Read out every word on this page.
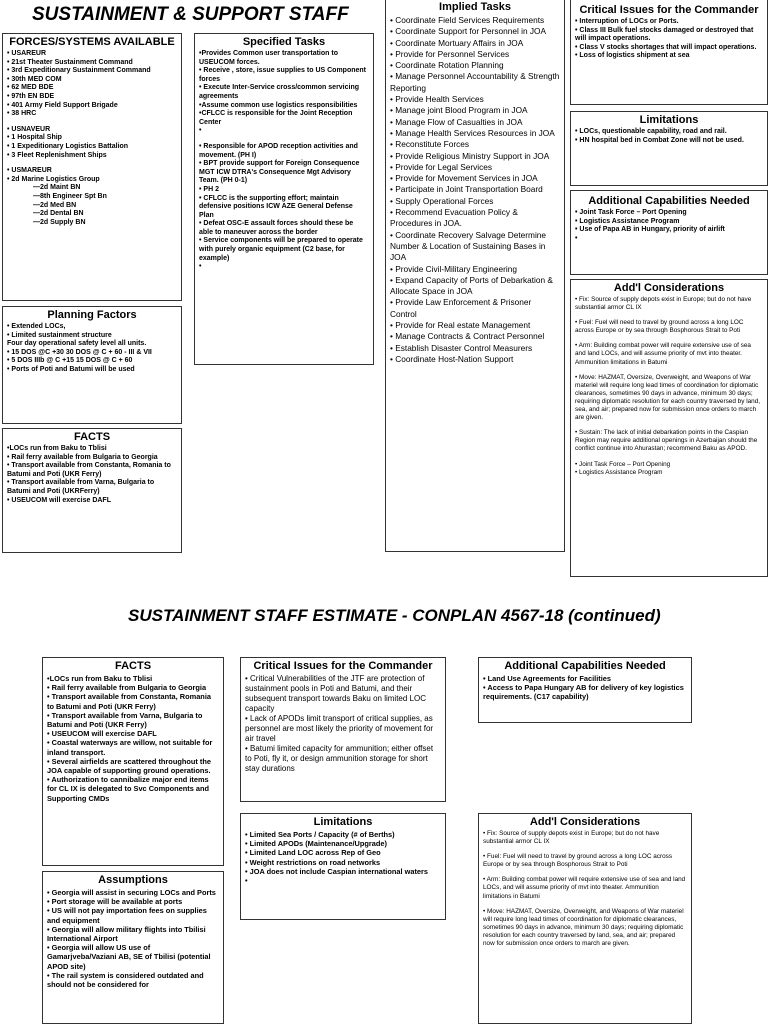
SUSTAINMENT & SUPPORT STAFF
FORCES/SYSTEMS AVAILABLE
• USAREUR
• 21st Theater Sustainment Command
• 3rd Expeditionary Sustainment Command
• 30th MED COM
• 62 MED BDE
• 97th EN BDE
• 401 Army Field Support Brigade
• 38 HRC
• USNAVEUR
• 1 Hospital Ship
• 1 Expeditionary Logistics Battalion
• 3 Fleet Replenishment Ships
• USMAREUR
• 2d Marine Logistics Group
—2d Maint BN
—8th Engineer Spt Bn
—2d Med BN
—2d Dental BN
—2d Supply BN
Planning Factors
• Extended LOCs,
• Limited sustainment structure
Four day operational safety level all units.
• 15 DOS @C +30 30 DOS @ C + 60 - III & VII
• 5 DOS IIIb @ C +15 15 DOS @ C + 60
• Ports of Poti and Batumi will be used
FACTS
•LOCs run from Baku to Tblisi
• Rail ferry available from Bulgaria to Georgia
• Transport available from Constanta, Romania to Batumi and Poti (UKR Ferry)
• Transport available from Varna, Bulgaria to Batumi and Poti (UKRFerry)
• USEUCOM will exercise DAFL
Specified Tasks
•Provides Common user transportation to USEUCOM forces.
• Receive , store, issue supplies to US Component forces
• Execute Inter-Service cross/common servicing agreements
•Assume common use logistics responsibilities
•CFLCC is responsible for the Joint Reception Center
•
• Responsible for APOD reception activities and movement. (PH I)
• BPT provide support for Foreign Consequence MGT ICW DTRA's Consequence Mgt Advisory Team. (PH 0-1)
• PH 2
• CFLCC is the supporting effort; maintain defensive positions ICW AZE General Defense Plan
• Defeat OSC-E assault forces should these be able to maneuver across the border
• Service components will be prepared to operate with purely organic equipment (C2 base, for example)
•
Implied Tasks
• Coordinate Field Services Requirements
• Coordinate Support for Personnel in JOA
• Coordinate Mortuary Affairs in JOA
• Provide for Personnel Services
• Coordinate Rotation Planning
• Manage Personnel Accountability & Strength Reporting
• Provide Health Services
• Manage joint Blood Program in JOA
• Manage Flow of Casualties in JOA
• Manage Health Services Resources in JOA
• Reconstitute Forces
• Provide Religious Ministry Support in JOA
• Provide for Legal Services
• Provide for Movement Services in JOA
• Participate in Joint Transportation Board
• Supply Operational Forces
• Recommend Evacuation Policy & Procedures in JOA.
• Coordinate Recovery Salvage Determine Number & Location of Sustaining Bases in JOA
• Provide Civil-Military Engineering
• Expand Capacity of Ports of Debarkation & Allocate Space in JOA
• Provide Law Enforcement & Prisoner Control
• Provide for Real estate Management
• Manage Contracts & Contract Personnel
• Establish Disaster Control Measurers
• Coordinate Host-Nation Support
Critical Issues for the Commander
• Interruption of LOCs or Ports.
• Class III Bulk fuel stocks damaged or destroyed that will impact operations.
• Class V stocks shortages that will impact operations.
• Loss of logistics shipment at sea
Limitations
• LOCs, questionable capability, road and rail.
• HN hospital bed in Combat Zone will not be used.
Additional Capabilities Needed
• Joint Task Force – Port Opening
• Logistics Assistance Program
• Use of Papa AB in Hungary, priority of airlift
•
Add'l Considerations
• Fix: Source of supply depots exist in Europe; but do not have substantial armor CL IX
• Fuel: Fuel will need to travel by ground across a long LOC across Europe or by sea through Bosphorous Strait to Poti
• Arm: Building combat power will require extensive use of sea and land LOCs, and will assume priority of mvt into theater. Ammunition limitations in Batumi
• Move: HAZMAT, Oversize, Overweight, and Weapons of War materiel will require long lead times of coordination for diplomatic clearances, sometimes 90 days in advance, minimum 30 days; requiring diplomatic resolution for each country traversed by land, sea, and air; prepared now for submission once orders to march are given.
• Sustain: The lack of initial debarkation points in the Caspian Region may require additional openings in Azerbaijan should the conflict continue into Ahurastan; recommend Baku as APOD.
• Joint Task Force – Port Opening
• Logistics Assistance Program
SUSTAINMENT STAFF ESTIMATE - CONPLAN 4567-18 (continued)
FACTS
•LOCs run from Baku to Tblisi
• Rail ferry available from Bulgaria to Georgia
• Transport available from Constanta, Romania to Batumi and Poti (UKR Ferry)
• Transport available from Varna, Bulgaria to Batumi and Poti (UKR Ferry)
• USEUCOM will exercise DAFL
• Coastal waterways are willow, not suitable for inland transport.
• Several airfields are scattered throughout the JOA capable of supporting ground operations.
• Authorization to cannibalize major end items for CL IX is delegated to Svc Components and Supporting CMDs
Assumptions
• Georgia will assist in securing LOCs and Ports
• Port storage will be available at ports
• US will not pay importation fees on supplies and equipment
• Georgia will allow military flights into Tbilisi International Airport
• Georgia will allow US use of Gamarjveba/Vaziani AB, SE of Tbilisi (potential APOD site)
• The rail system is considered outdated and should not be considered for
Critical Issues for the Commander
• Critical Vulnerabilities of the JTF are protection of sustainment pools in Poti and Batumi, and their subsequent transport towards Baku on limited LOC capacity
• Lack of APODs limit transport of critical supplies, as personnel are most likely the priority of movement for air travel
• Batumi limited capacity for ammunition; either offset to Poti, fly it, or design ammunition storage for short stay durations
Limitations
• Limited Sea Ports / Capacity (# of Berths)
• Limited APODs (Maintenance/Upgrade)
• Limited Land LOC across Rep of Geo
• Weight restrictions on road networks
• JOA does not include Caspian international waters
•
Additional Capabilities Needed
• Land Use Agreements for Facilities
• Access to Papa Hungary AB for delivery of key logistics requirements. (C17 capability)
Add'l Considerations
• Fix: Source of supply depots exist in Europe; but do not have substantial armor CL IX
• Fuel: Fuel will need to travel by ground across a long LOC across Europe or by sea through Bosphorous Strait to Poti
• Arm: Building combat power will require extensive use of sea and land LOCs, and will assume priority of mvt into theater. Ammunition limitations in Batumi
• Move: HAZMAT, Oversize, Overweight, and Weapons of War materiel will require long lead times of coordination for diplomatic clearances, sometimes 90 days in advance, minimum 30 days; requiring diplomatic resolution for each country traversed by land, sea, and air; prepared now for submission once orders to march are given.
